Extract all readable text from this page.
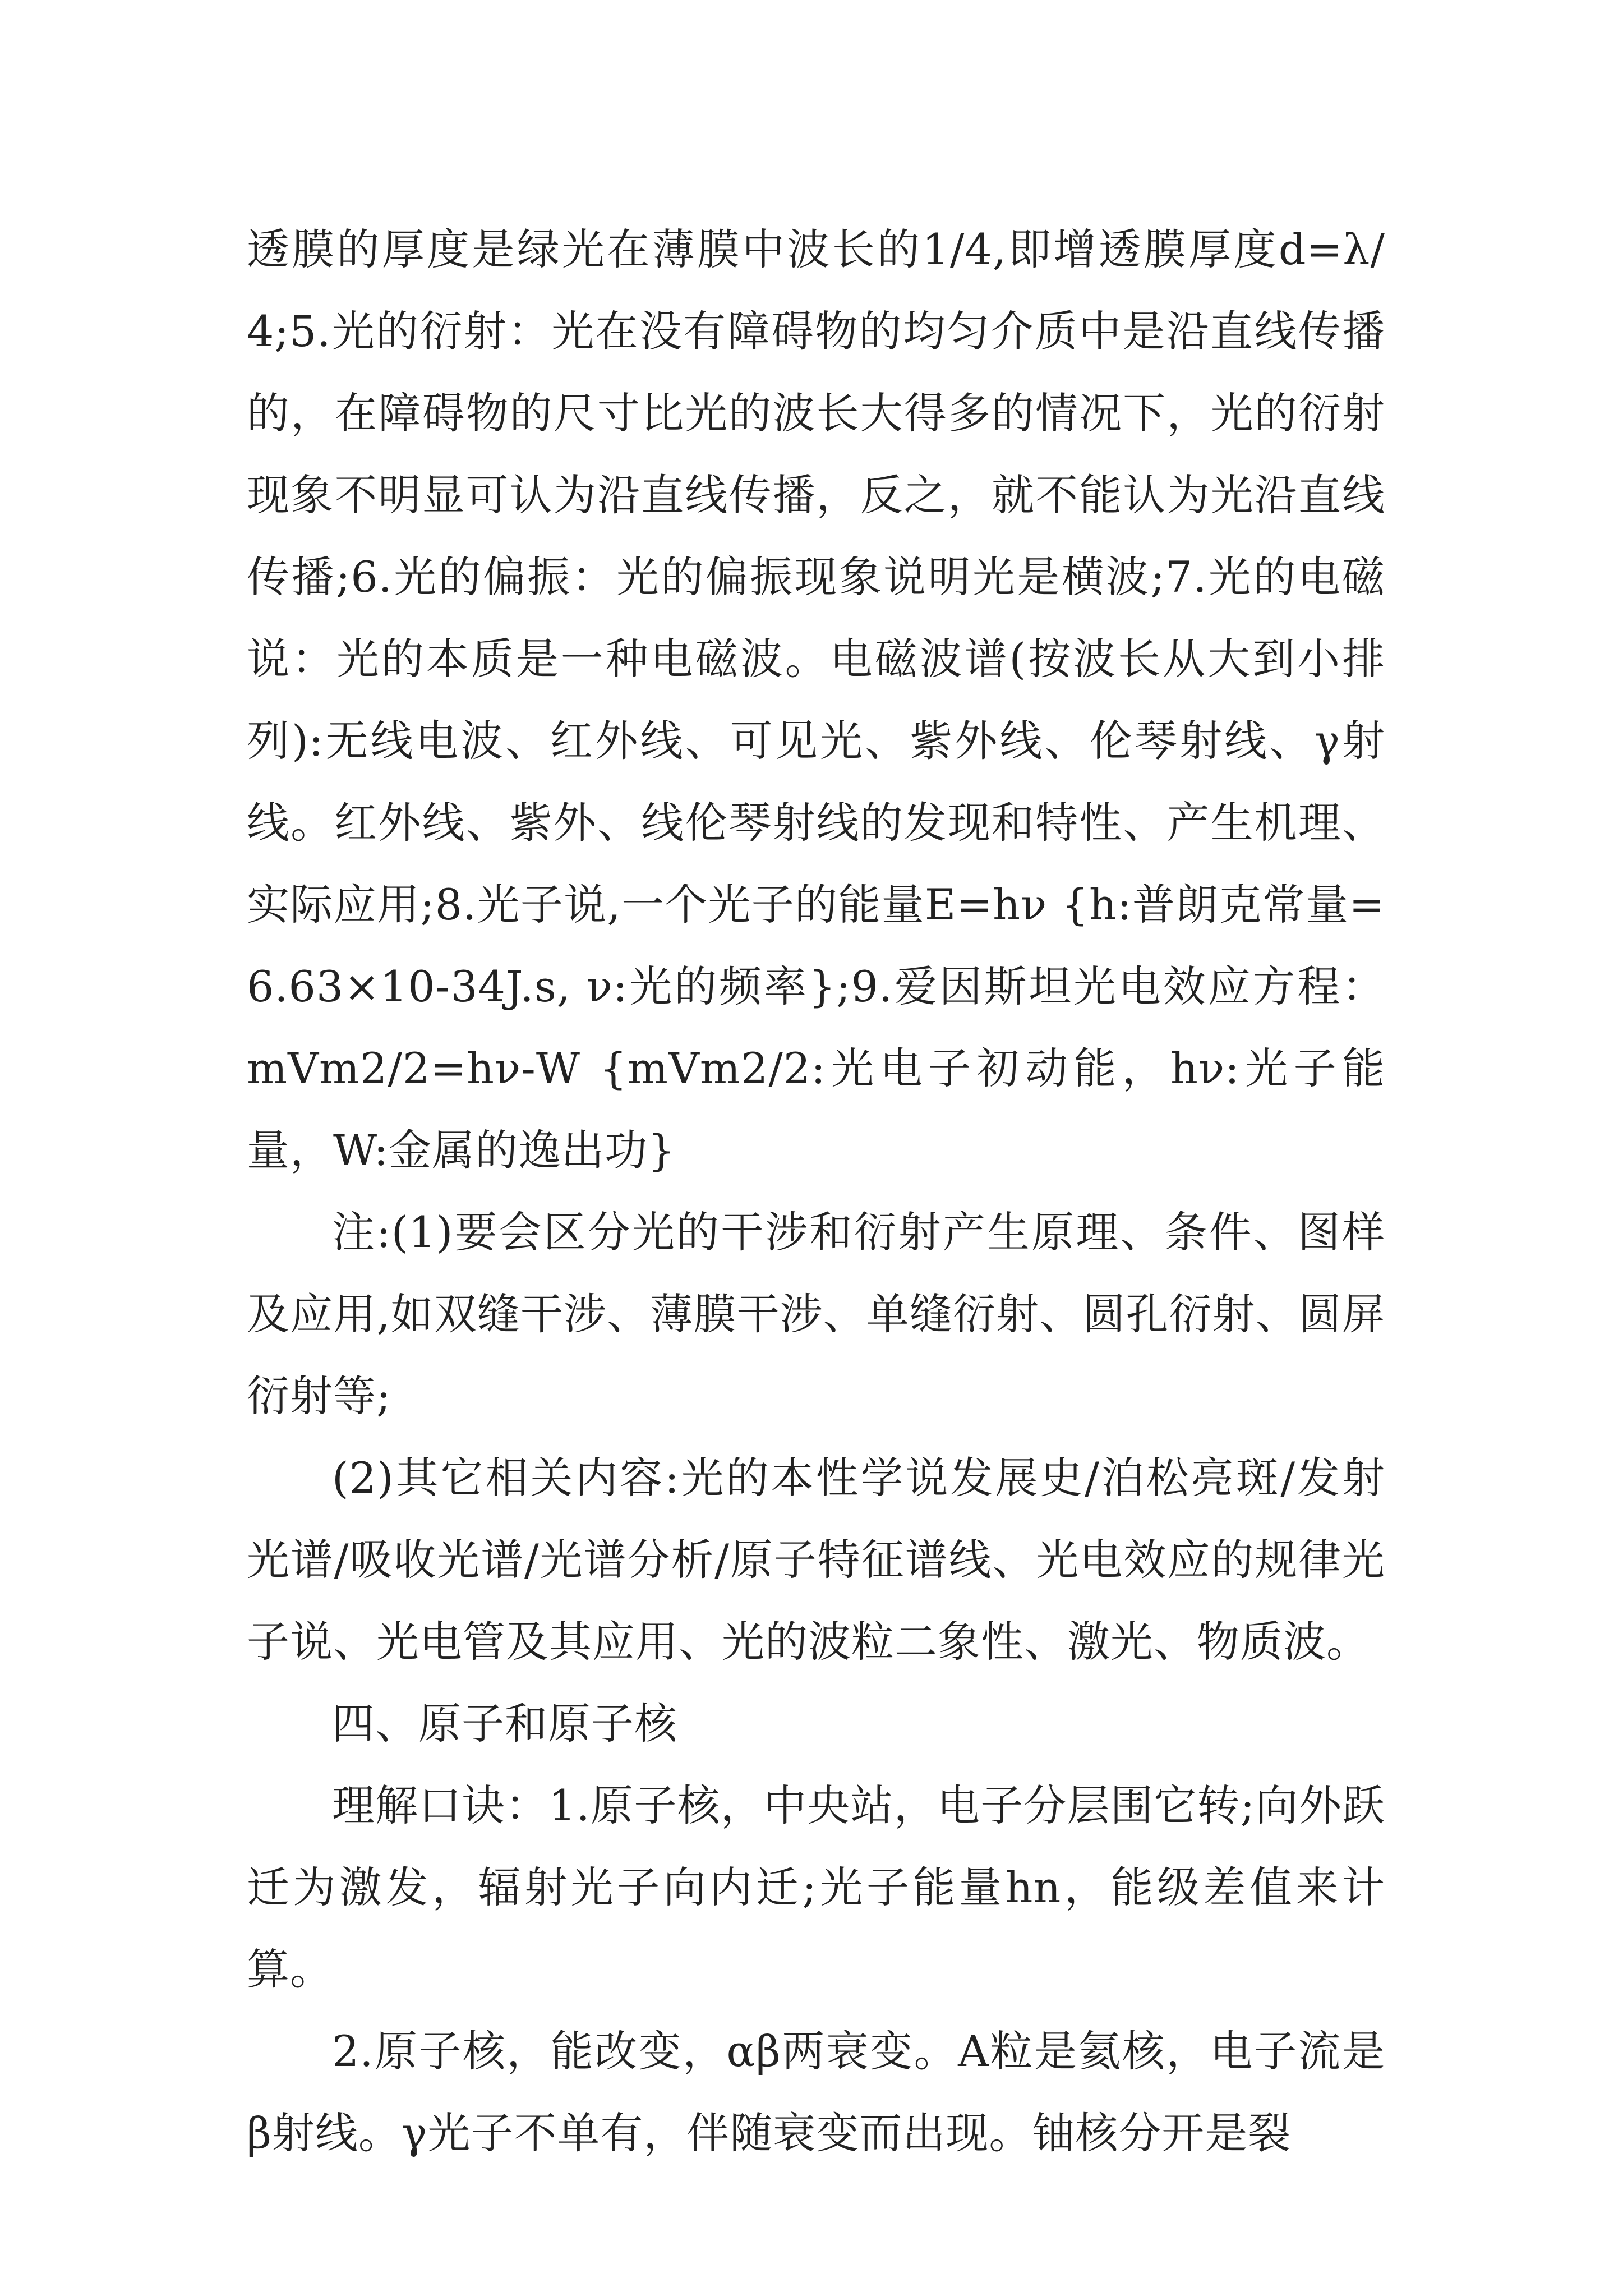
透膜的厚度是绿光在薄膜中波长的1/4,即增透膜厚度d=λ/4;5.光的衍射：光在没有障碍物的均匀介质中是沿直线传播的，在障碍物的尺寸比光的波长大得多的情况下，光的衍射现象不明显可认为沿直线传播，反之，就不能认为光沿直线传播;6.光的偏振：光的偏振现象说明光是横波;7.光的电磁说：光的本质是一种电磁波。电磁波谱(按波长从大到小排列):无线电波、红外线、可见光、紫外线、伦琴射线、γ射线。红外线、紫外、线伦琴射线的发现和特性、产生机理、实际应用;8.光子说,一个光子的能量E=hν {h:普朗克常量=6.63×10-34J.s, ν:光的频率};9.爱因斯坦光电效应方程：mVm2/2=hν-W {mVm2/2:光电子初动能，hν:光子能量，W:金属的逸出功}

注:(1)要会区分光的干涉和衍射产生原理、条件、图样及应用,如双缝干涉、薄膜干涉、单缝衍射、圆孔衍射、圆屏衍射等;

(2)其它相关内容:光的本性学说发展史/泊松亮斑/发射光谱/吸收光谱/光谱分析/原子特征谱线、光电效应的规律光子说、光电管及其应用、光的波粒二象性、激光、物质波。

四、原子和原子核

理解口诀：1.原子核，中央站，电子分层围它转;向外跃迁为激发，辐射光子向内迁;光子能量hn，能级差值来计算。

2.原子核，能改变，αβ两衰变。Α粒是氦核，电子流是β射线。γ光子不单有，伴随衰变而出现。铀核分开是裂
